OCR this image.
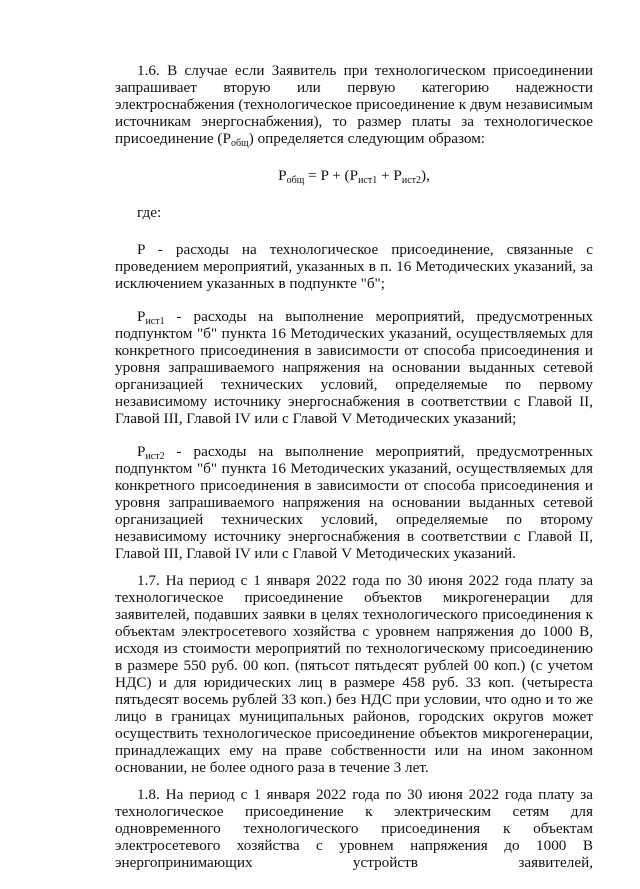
1.6. В случае если Заявитель при технологическом присоединении запрашивает вторую или первую категорию надежности электроснабжения (технологическое присоединение к двум независимым источникам энергоснабжения), то размер платы за технологическое присоединение $(P_{общ})$ определяется следующим образом:

$P_{общ} = P + (P_{ист1} + P_{ист2})$,

где:

P - расходы на технологическое присоединение, связанные с проведением мероприятий, указанных в п. 16 Методических указаний, за исключением указанных в подпункте "б";

$P_{ист1}$ - расходы на выполнение мероприятий, предусмотренных подпунктом "б" пункта 16 Методических указаний, осуществляемых для конкретного присоединения в зависимости от способа присоединения и уровня запрашиваемого напряжения на основании выданных сетевой организацией технических условий, определяемые по первому независимому источнику энергоснабжения в соответствии с Главой II, Главой III, Главой IV или с Главой V Методических указаний;

$P_{ист2}$ - расходы на выполнение мероприятий, предусмотренных подпунктом "б" пункта 16 Методических указаний, осуществляемых для конкретного присоединения в зависимости от способа присоединения и уровня запрашиваемого напряжения на основании выданных сетевой организацией технических условий, определяемые по второму независимому источнику энергоснабжения в соответствии с Главой II, Главой III, Главой IV или с Главой V Методических указаний.

1.7. На период с 1 января 2022 года по 30 июня 2022 года плату за технологическое присоединение объектов микрогенерации для заявителей, подавших заявки в целях технологического присоединения к объектам электросетевого хозяйства с уровнем напряжения до 1000 В, исходя из стоимости мероприятий по технологическому присоединению в размере 550 руб. 00 коп. (пятьсот пятьдесят рублей 00 коп.) (с учетом НДС) и для юридических лиц в размере 458 руб. 33 коп. (четыреста пятьдесят восемь рублей 33 коп.) без НДС при условии, что одно и то же лицо в границах муниципальных районов, городских округов может осуществить технологическое присоединение объектов микрогенерации, принадлежащих ему на праве собственности или на ином законном основании, не более одного раза в течение 3 лет.

1.8. На период с 1 января 2022 года по 30 июня 2022 года плату за технологическое присоединение к электрическим сетям для одновременного технологического присоединения к объектам электросетевого хозяйства с уровнем напряжения до 1000 В энергопринимающих устройств заявителей,
